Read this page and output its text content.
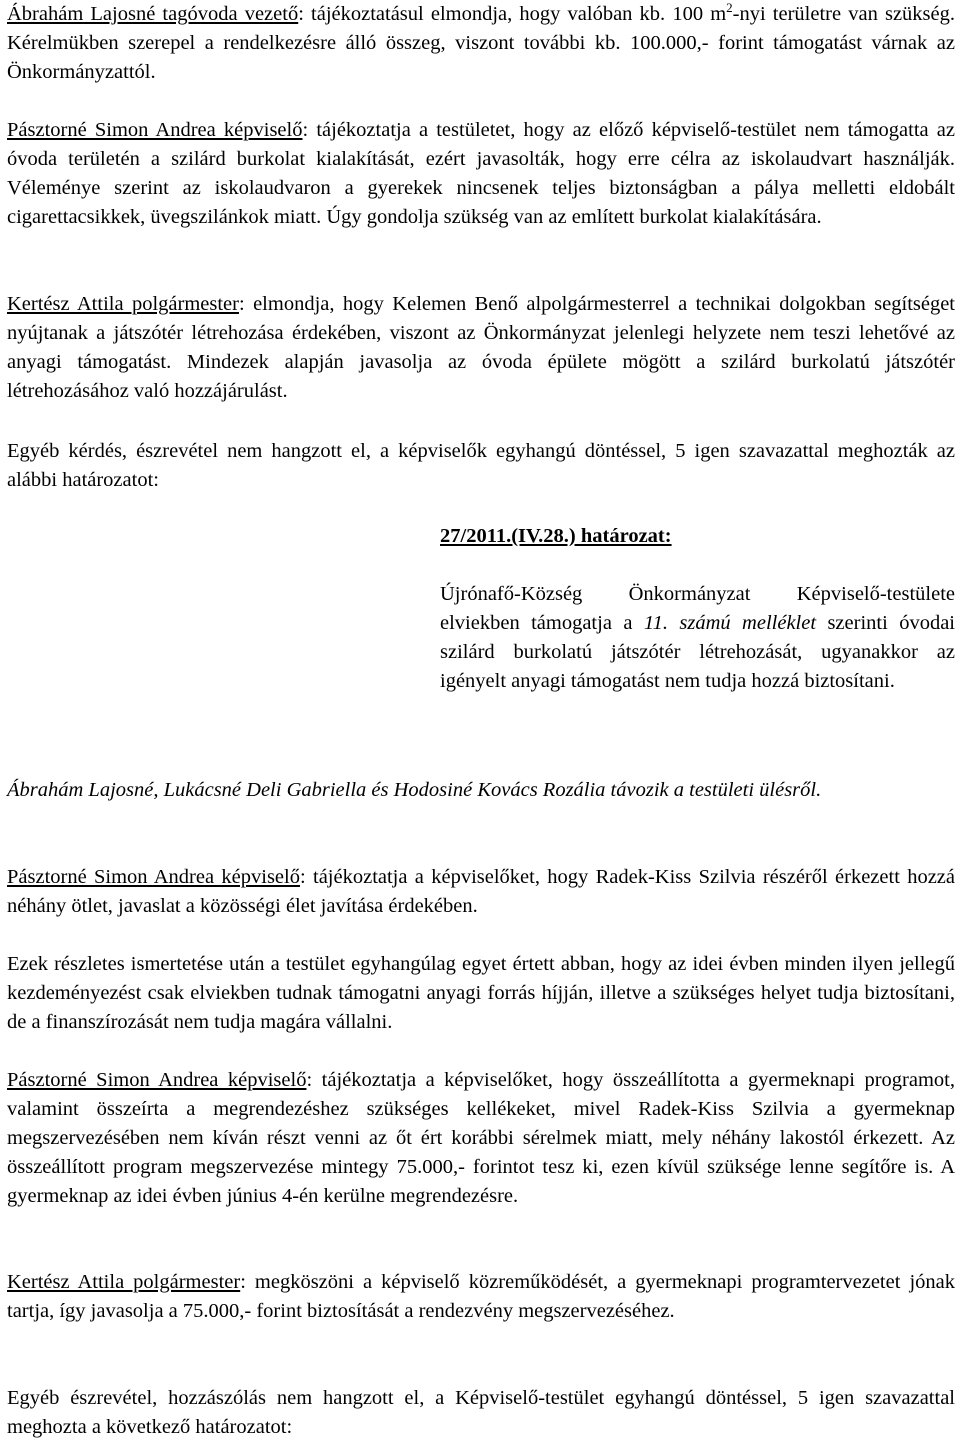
Ábrahám Lajosné tagóvoda vezető: tájékoztatásul elmondja, hogy valóban kb. 100 $m^2$-nyi területre van szükség. Kérelmükben szerepel a rendelkezésre álló összeg, viszont további kb. 100.000,- forint támogatást várnak az Önkormányzattól.

Pásztorné Simon Andrea képviselő: tájékoztatja a testületet, hogy az előző képviselő-testület nem támogatta az óvoda területén a szilárd burkolat kialakítását, ezért javasolták, hogy erre célra az iskolaudvart használják. Véleménye szerint az iskolaudvaron a gyerekek nincsenek teljes biztonságban a pálya melletti eldobált cigarettacsikkek, üvegszilánkok miatt. Úgy gondolja szükség van az említett burkolat kialakítására.

Kertész Attila polgármester: elmondja, hogy Kelemen Benő alpolgármesterrel a technikai dolgokban segítséget nyújtanak a játszótér létrehozása érdekében, viszont az Önkormányzat jelenlegi helyzete nem teszi lehetővé az anyagi támogatást. Mindezek alapján javasolja az óvoda épülete mögött a szilárd burkolatú játszótér létrehozásához való hozzájárulást.

Egyéb kérdés, észrevétel nem hangzott el, a képviselők egyhangú döntéssel, 5 igen szavazattal meghozták az alábbi határozatot:

27/2011.(IV.28.) határozat:

Újrónafő-Község Önkormányzat Képviselő-testülete elviekben támogatja a 11. számú melléklet szerinti óvodai szilárd burkolatú játszótér létrehozását, ugyanakkor az igényelt anyagi támogatást nem tudja hozzá biztosítani.

Ábrahám Lajosné, Lukácsné Deli Gabriella és Hodosiné Kovács Rozália távozik a testületi ülésről.

Pásztorné Simon Andrea képviselő: tájékoztatja a képviselőket, hogy Radek-Kiss Szilvia részéről érkezett hozzá néhány ötlet, javaslat a közösségi élet javítása érdekében.

Ezek részletes ismertetése után a testület egyhangúlag egyet értett abban, hogy az idei évben minden ilyen jellegű kezdeményezést csak elviekben tudnak támogatni anyagi forrás híjján, illetve a szükséges helyet tudja biztosítani, de a finanszírozását nem tudja magára vállalni.

Pásztorné Simon Andrea képviselő: tájékoztatja a képviselőket, hogy összeállította a gyermeknapi programot, valamint összeírta a megrendezéshez szükséges kellékeket, mivel Radek-Kiss Szilvia a gyermeknap megszervezésében nem kíván részt venni az őt ért korábbi sérelmek miatt, mely néhány lakostól érkezett. Az összeállított program megszervezése mintegy 75.000,- forintot tesz ki, ezen kívül szüksége lenne segítőre is. A gyermeknap az idei évben június 4-én kerülne megrendezésre.

Kertész Attila polgármester: megköszöni a képviselő közreműködését, a gyermeknapi programtervezetet jónak tartja, így javasolja a 75.000,- forint biztosítását a rendezvény megszervezéséhez.

Egyéb észrevétel, hozzászólás nem hangzott el, a Képviselő-testület egyhangú döntéssel, 5 igen szavazattal meghozta a következő határozatot:
